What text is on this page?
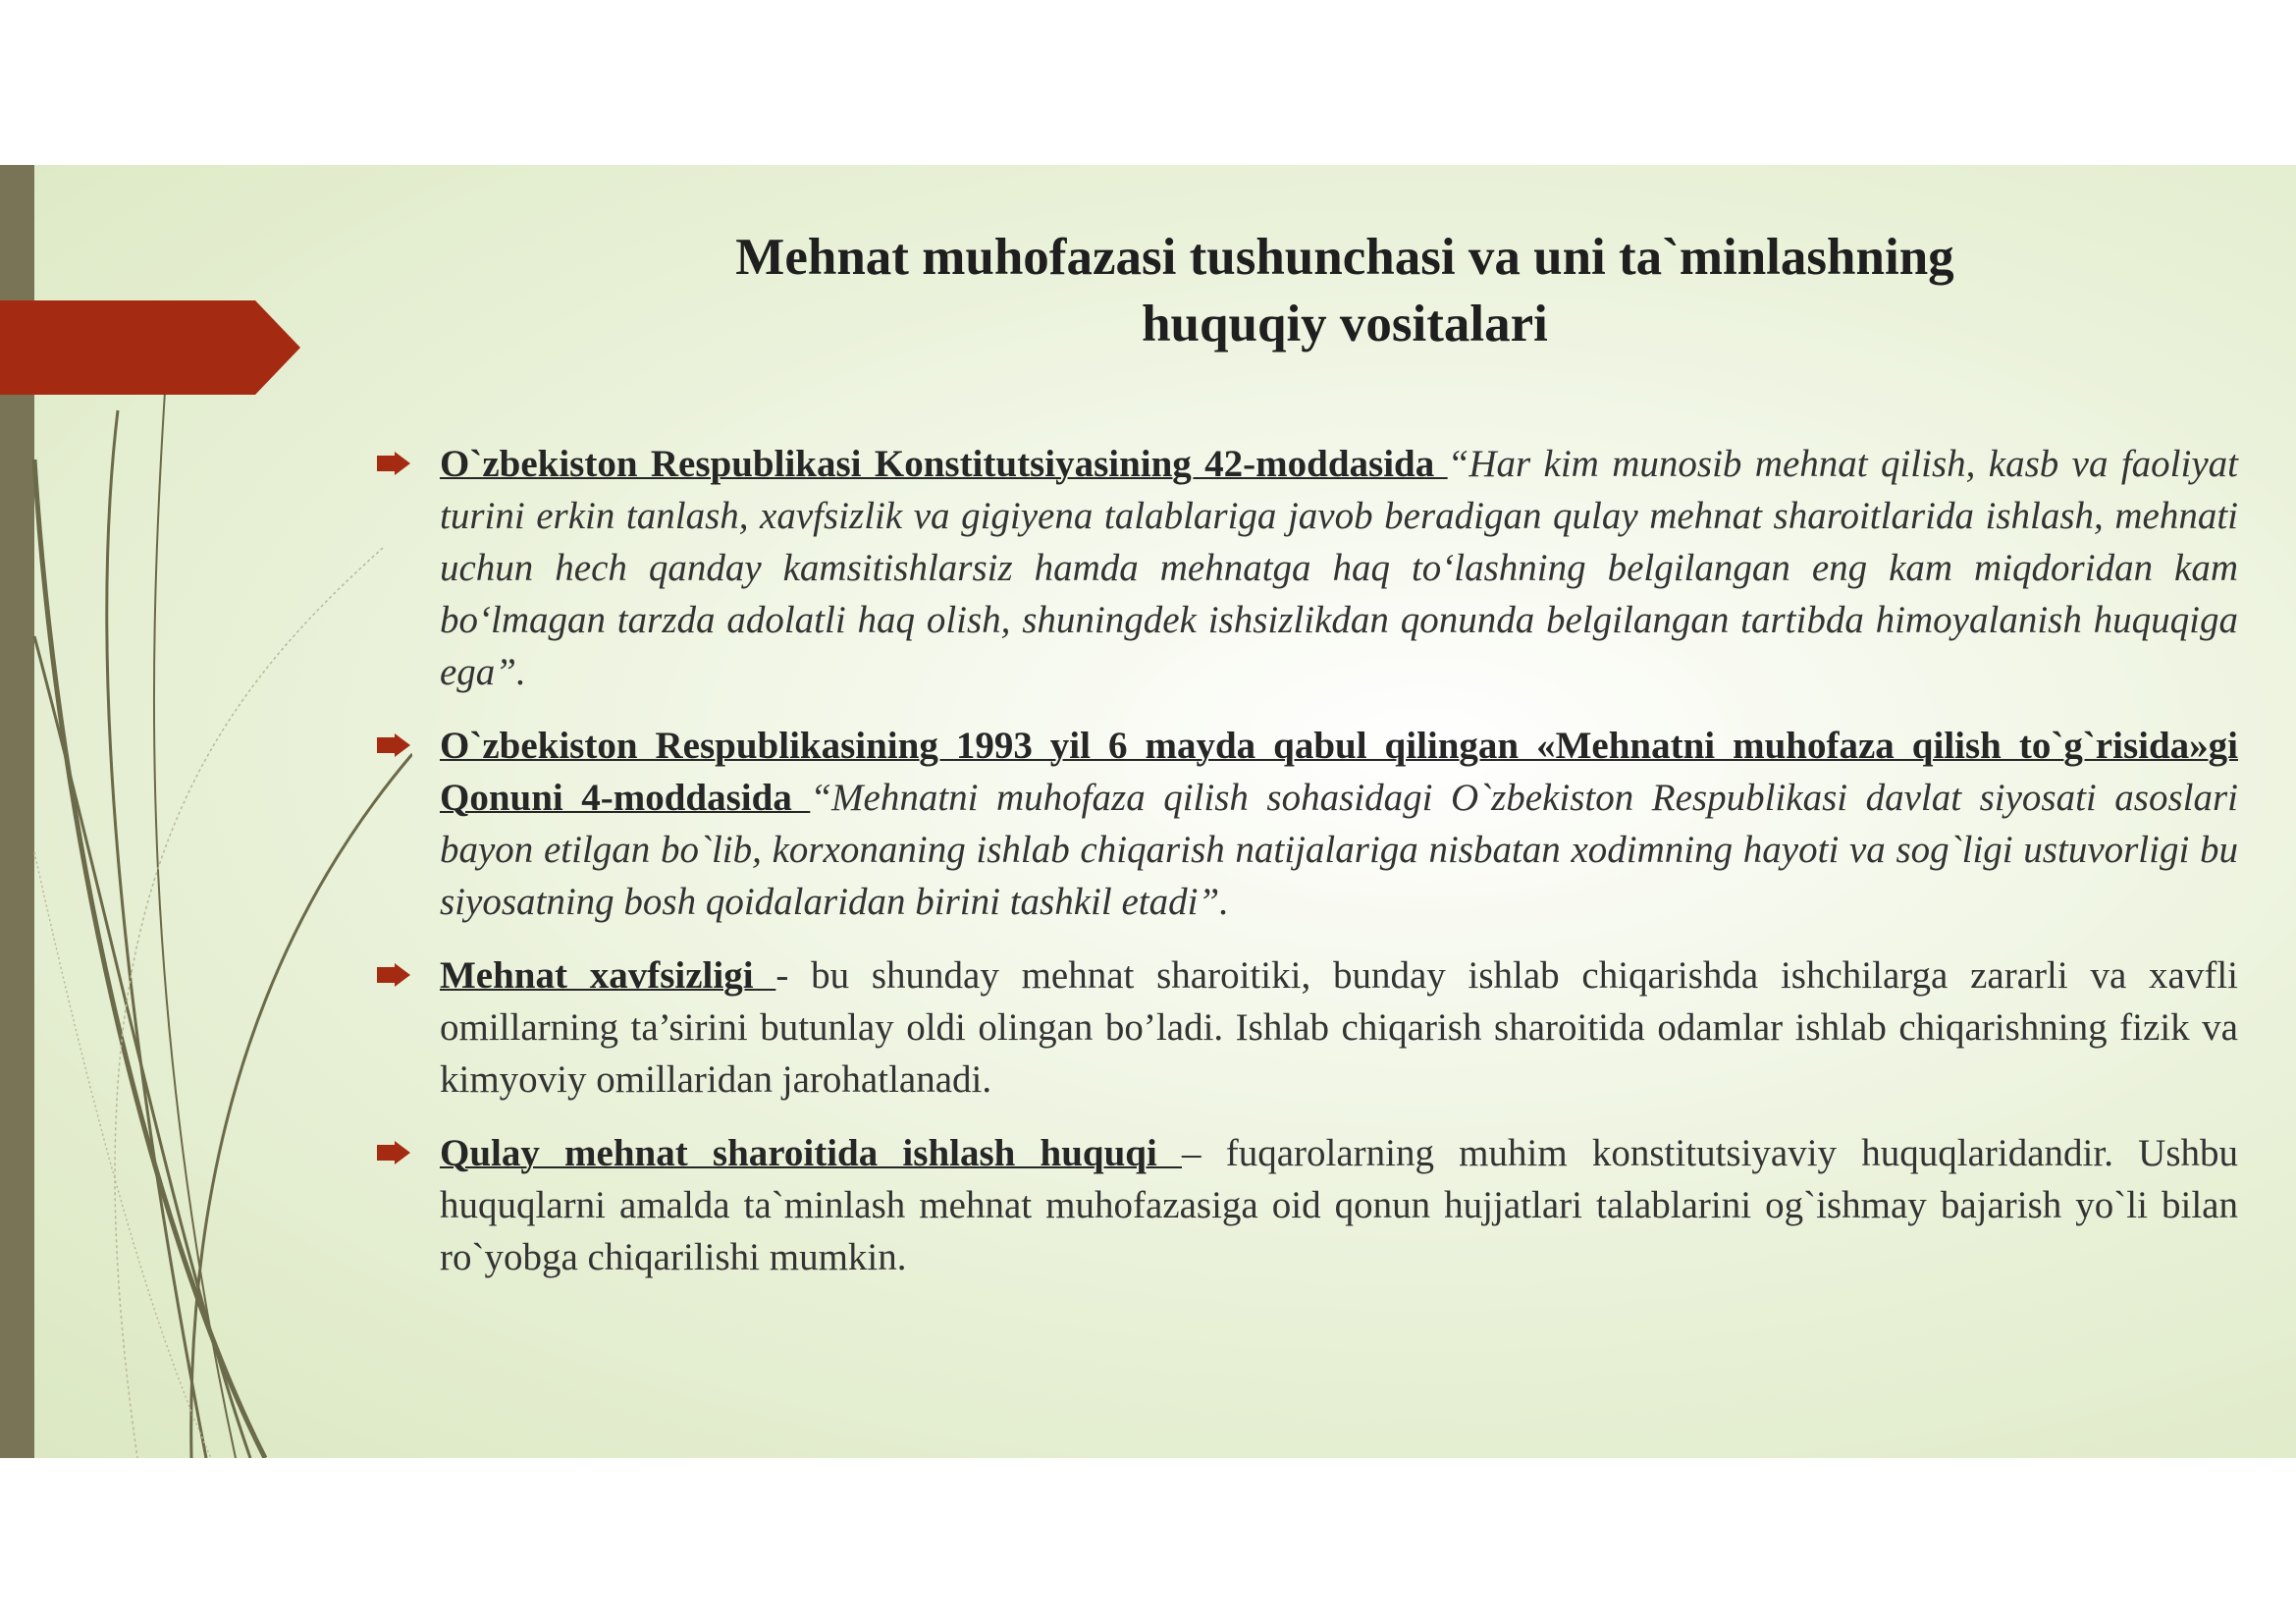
Mehnat muhofazasi tushunchasi va uni ta`minlashning
huquqiy vositalari
O`zbekiston Respublikasi Konstitutsiyasining 42-moddasida “Har kim munosib mehnat qilish, kasb va faoliyat turini erkin tanlash, xavfsizlik va gigiyena talablariga javob beradigan qulay mehnat sharoitlarida ishlash, mehnati uchun hech qanday kamsitishlarsiz hamda mehnatga haq to‘lashning belgilangan eng kam miqdoridan kam bo‘lmagan tarzda adolatli haq olish, shuningdek ishsizlikdan qonunda belgilangan tartibda himoyalanish huquqiga ega”.
O`zbekiston Respublikasining 1993 yil 6 mayda qabul qilingan «Mehnatni muhofaza qilish to`g`risida»gi Qonuni 4-moddasida “Mehnatni muhofaza qilish sohasidagi O`zbekiston Respublikasi davlat siyosati asoslari bayon etilgan bo`lib, korxonaning ishlab chiqarish natijalariga nisbatan xodimning hayoti va sog`ligi ustuvorligi bu siyosatning bosh qoidalaridan birini tashkil etadi”.
Mehnat xavfsizligi - bu shunday mehnat sharoitiki, bunday ishlab chiqarishda ishchilarga zararli va xavfli omillarning ta’sirini butunlay oldi olingan bo’ladi. Ishlab chiqarish sharoitida odamlar ishlab chiqarishning fizik va kimyoviy omillaridan jarohatlanadi.
Qulay mehnat sharoitida ishlash huquqi – fuqarolarning muhim konstitutsiyaviy huquqlaridandir. Ushbu huquqlarni amalda ta`minlash mehnat muhofazasiga oid qonun hujjatlari talablarini og`ishmay bajarish yo`li bilan ro`yobga chiqarilishi mumkin.
